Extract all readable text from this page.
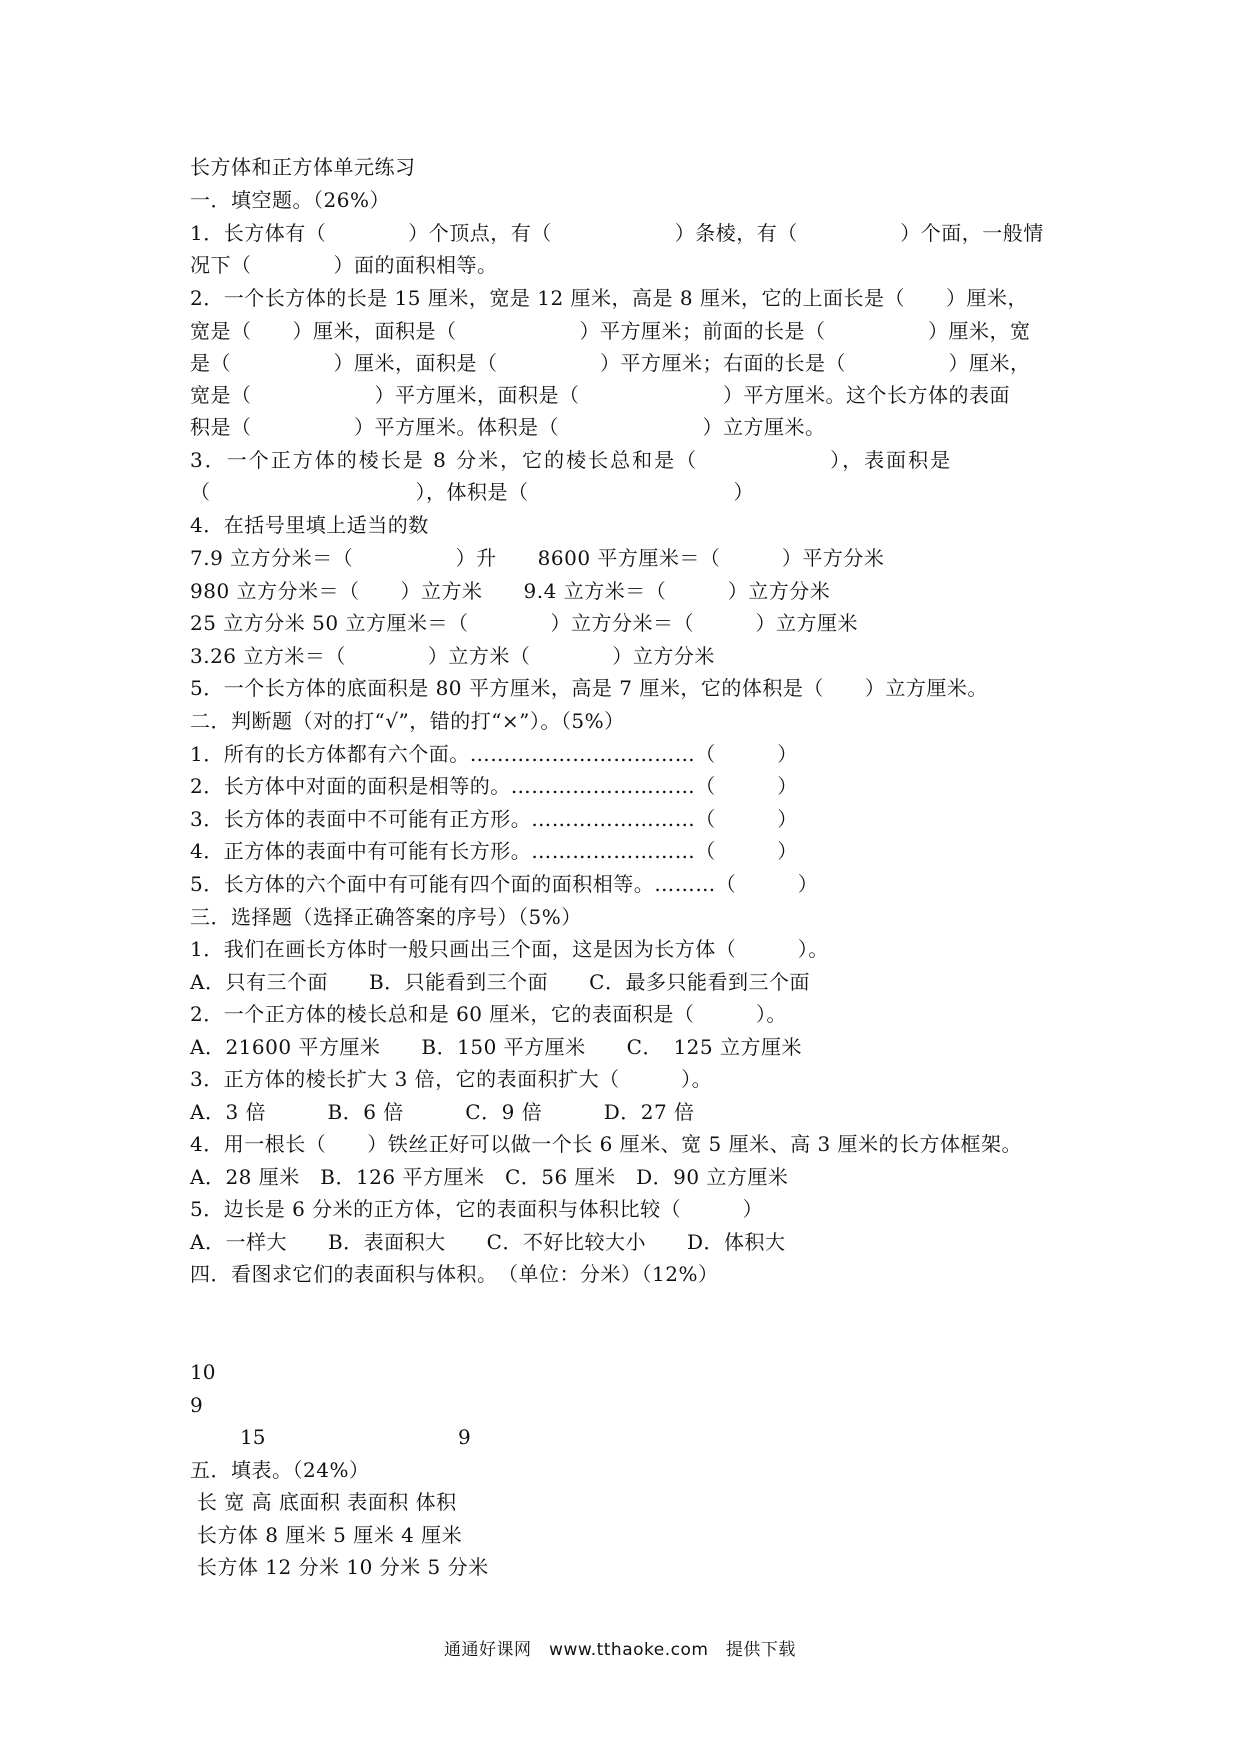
长方体和正方体单元练习
一．填空题。（26%）
1．长方体有（　　　　）个顶点，有（　　　　　　）条棱，有（　　　　　）个面，一般情
况下（　　　　）面的面积相等。
2．一个长方体的长是 15 厘米，宽是 12 厘米，高是 8 厘米，它的上面长是（　　）厘米，
宽是（　　）厘米，面积是（　　　　　　）平方厘米；前面的长是（　　　　　）厘米，宽
是（　　　　　）厘米，面积是（　　　　　）平方厘米；右面的长是（　　　　　）厘米，
宽是（　　　　　　）平方厘米，面积是（　　　　　　　）平方厘米。这个长方体的表面
积是（　　　　　）平方厘米。体积是（　　　　　　　）立方厘米。
3．一个正方体的棱长是 8 分米，它的棱长总和是（　　　　　　），表面积是
（　　　　　　　　　　），体积是（　　　　　　　　　　）
4．在括号里填上适当的数
7.9 立方分米＝（　　　　　）升　　8600 平方厘米＝（　　　）平方分米
980 立方分米＝（　　）立方米　　9.4 立方米＝（　　　）立方分米
25 立方分米 50 立方厘米＝（　　　　）立方分米＝（　　　）立方厘米
3.26 立方米＝（　　　　）立方米（　　　　）立方分米
5．一个长方体的底面积是 80 平方厘米，高是 7 厘米，它的体积是（　　）立方厘米。
二．判断题（对的打“√”，错的打“×”）。（5%）
1．所有的长方体都有六个面。……………………………（　　　）
2．长方体中对面的面积是相等的。………………………（　　　）
3．长方体的表面中不可能有正方形。……………………（　　　）
4．正方体的表面中有可能有长方形。……………………（　　　）
5．长方体的六个面中有可能有四个面的面积相等。………（　　　）
三．选择题（选择正确答案的序号）（5%）
1．我们在画长方体时一般只画出三个面，这是因为长方体（　　　）。
A．只有三个面　　B．只能看到三个面　　C．最多只能看到三个面
2．一个正方体的棱长总和是 60 厘米，它的表面积是（　　　）。
A．21600 平方厘米　　B．150 平方厘米　　C．　125 立方厘米
3．正方体的棱长扩大 3 倍，它的表面积扩大（　　　）。
A．3 倍　　　B．6 倍　　　C．9 倍　　　D．27 倍
4．用一根长（　　）铁丝正好可以做一个长 6 厘米、宽 5 厘米、高 3 厘米的长方体框架。
A．28 厘米　B．126 平方厘米　C．56 厘米　D．90 立方厘米
5．边长是 6 分米的正方体，它的表面积与体积比较（　　　）
A．一样大　　B．表面积大　　C．不好比较大小　　D．体积大
四．看图求它们的表面积与体积。　（单位：分米）（12%）
10
9
15	9
五．填表。（24%）
长 宽 高 底面积 表面积 体积
长方体 8 厘米 5 厘米 4 厘米
长方体 12 分米 10 分米 5 分米
通通好课网　www.tthaoke.com　提供下载
